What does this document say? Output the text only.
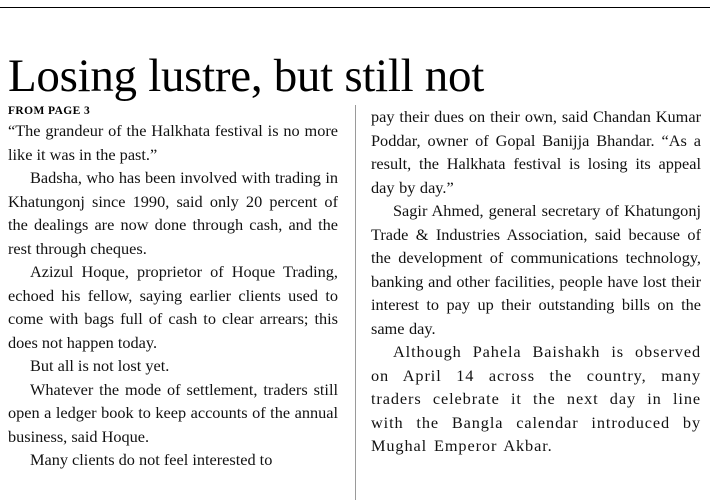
Losing lustre, but still not
FROM PAGE 3

“The grandeur of the Halkhata festival is no more like it was in the past.”

Badsha, who has been involved with trading in Khatungonj since 1990, said only 20 percent of the dealings are now done through cash, and the rest through cheques.

Azizul Hoque, proprietor of Hoque Trading, echoed his fellow, saying earlier clients used to come with bags full of cash to clear arrears; this does not happen today.

But all is not lost yet.

Whatever the mode of settlement, traders still open a ledger book to keep accounts of the annual business, said Hoque.

Many clients do not feel interested to

pay their dues on their own, said Chandan Kumar Poddar, owner of Gopal Banijja Bhandar. “As a result, the Halkhata festival is losing its appeal day by day.”

Sagir Ahmed, general secretary of Khatungonj Trade & Industries Association, said because of the development of communications technology, banking and other facilities, people have lost their interest to pay up their outstanding bills on the same day.

Although Pahela Baishakh is observed on April 14 across the country, many traders celebrate it the next day in line with the Bangla calendar introduced by Mughal Emperor Akbar.
